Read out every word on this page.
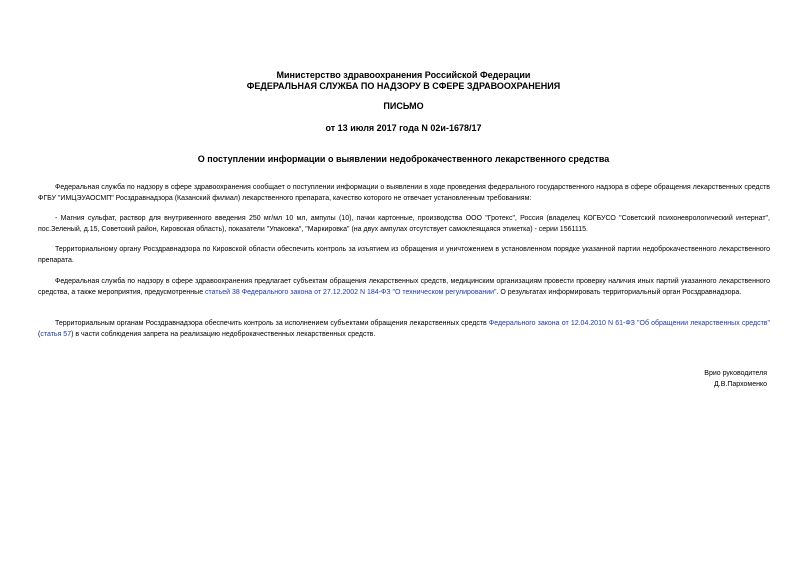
Министерство здравоохранения Российской Федерации
ФЕДЕРАЛЬНАЯ СЛУЖБА ПО НАДЗОРУ В СФЕРЕ ЗДРАВООХРАНЕНИЯ
ПИСЬМО
от 13 июля 2017 года N 02и-1678/17
О поступлении информации о выявлении недоброкачественного лекарственного средства

Федеральная служба по надзору в сфере здравоохранения сообщает о поступлении информации о выявлении в ходе проведения федерального государственного надзора в сфере обращения лекарственных средств ФГБУ "ИМЦЭУАОСМП" Росздравнадзора (Казанский филиал) лекарственного препарата, качество которого не отвечает установленным требованиям:

- Магния сульфат, раствор для внутривенного введения 250 мг/мл 10 мл, ампулы (10), пачки картонные, производства ООО "Гротекс", Россия (владелец КОГБУСО "Советский психоневрологический интернат", пос.Зеленый, д.15, Советский район, Кировская область), показатели "Упаковка", "Маркировка" (на двух ампулах отсутствует самоклеящаяся этикетка) - серии 1561115.

Территориальному органу Росздравнадзора по Кировской области обеспечить контроль за изъятием из обращения и уничтожением в установленном порядке указанной партии недоброкачественного лекарственного препарата.

Федеральная служба по надзору в сфере здравоохранения предлагает субъектам обращения лекарственных средств, медицинским организациям провести проверку наличия иных партий указанного лекарственного средства, а также мероприятия, предусмотренные статьей 38 Федерального закона от 27.12.2002 N 184-ФЗ "О техническом регулировании". О результатах информировать территориальный орган Росздравнадзора.

Территориальным органам Росздравнадзора обеспечить контроль за исполнением субъектами обращения лекарственных средств Федерального закона от 12.04.2010 N 61-ФЗ "Об обращении лекарственных средств" (статья 57) в части соблюдения запрета на реализацию недоброкачественных лекарственных средств.

Врио руководителя
Д.В.Пархоменко
